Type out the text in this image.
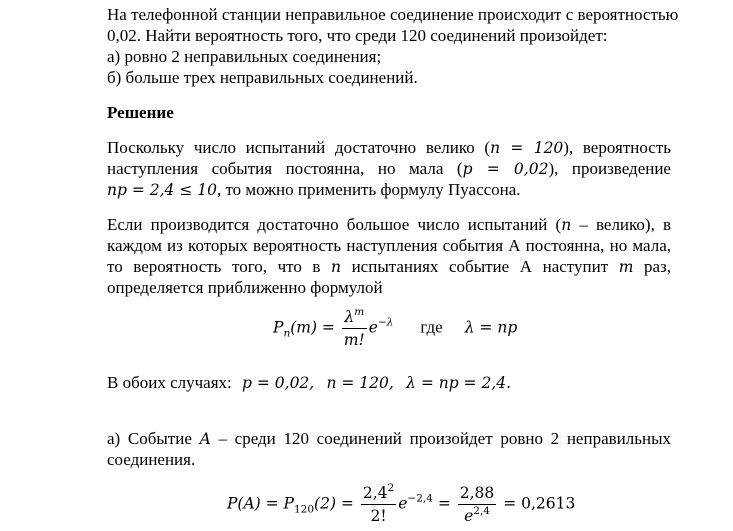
На телефонной станции неправильное соединение происходит с вероятностью
0,02. Найти вероятность того, что среди 120 соединений произойдет:
а) ровно 2 неправильных соединения;
б) больше трех неправильных соединений.
Решение
Поскольку число испытаний достаточно велико (n = 120), вероятность
наступления события постоянна, но мала (p = 0,02), произведение
np = 2,4 ≤ 10, то можно применить формулу Пуассона.
Если производится достаточно большое число испытаний (n – велико), в
каждом из которых вероятность наступления события А постоянна, но мала,
то вероятность того, что в n испытаниях событие А наступит m раз,
определяется приближенно формулой
$P_n(m) = \frac{\lambda^m}{m!} e^{-\lambda}$ где λ = np
В обоих случаях: p = 0,02, n = 120, λ = np = 2,4.
а) Событие A – среди 120 соединений произойдет ровно 2 неправильных
соединения.
$P(A) = P_{120}(2) = \frac{2,4^2}{2!} e^{-2,4} = \frac{2,88}{e^{2,4}} = 0,2613$
